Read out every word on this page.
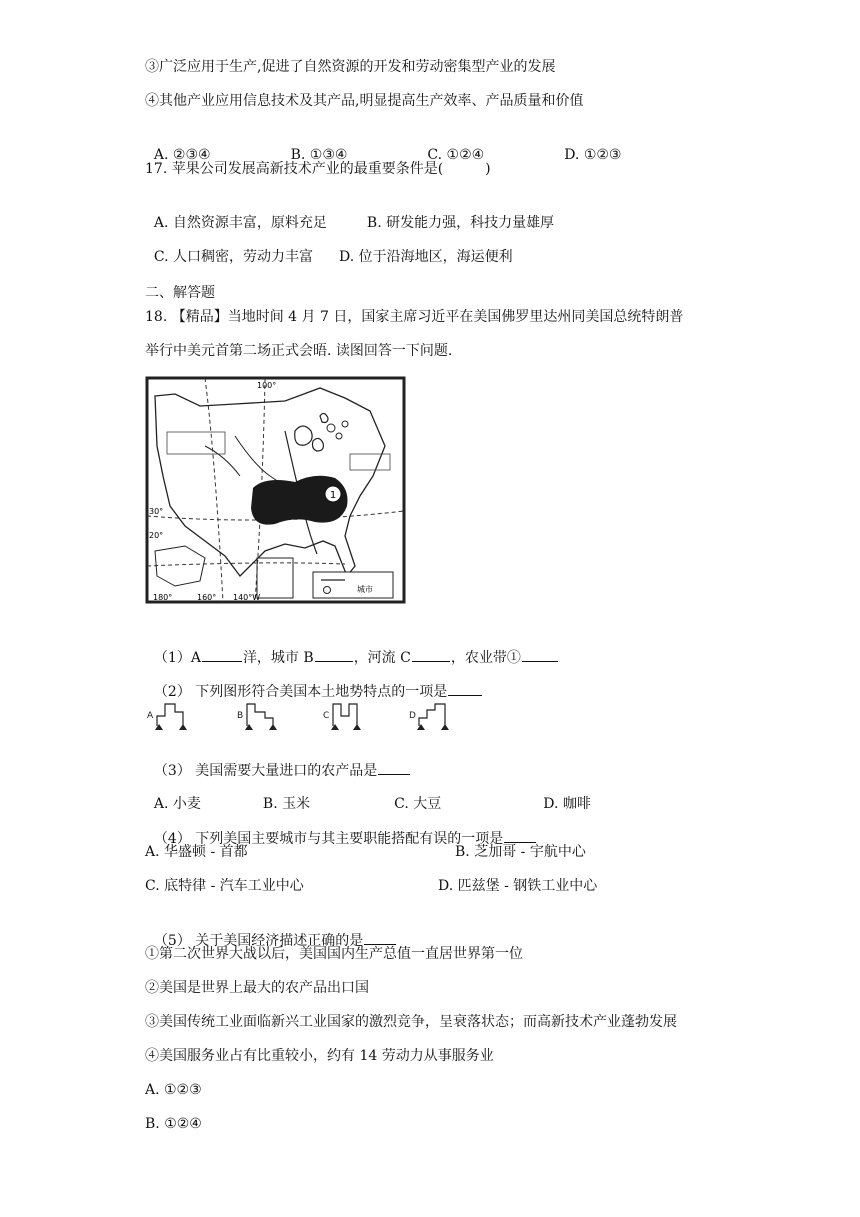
③广泛应用于生产,促进了自然资源的开发和劳动密集型产业的发展
④其他产业应用信息技术及其产品,明显提高生产效率、产品质量和价值

A. ②③④	B. ①③④	C. ①②④	D. ①②③

17. 苹果公司发展高新技术产业的最重要条件是(　　　)

A. 自然资源丰富，原料充足	B. 研发能力强，科技力量雄厚

C. 人口稠密，劳动力丰富 D. 位于沿海地区，海运便利

二、解答题
18. 【精品】当地时间 4 月 7 日，国家主席习近平在美国佛罗里达州同美国总统特朗普
举行中美元首第二场正式会晤. 读图回答一下问题.
1
城市
100°
30°
20°
180°	160° 140°W

（1）A	洋，城市 B	，河流 C	，农业带①

（2） 下列图形符合美国本土地势特点的一项是

A	B	C	D

（3） 美国需要大量进口的农产品是

A. 小麦	B. 玉米	C. 大豆	D. 咖啡

（4） 下列美国主要城市与其主要职能搭配有误的一项是

A. 华盛顿 - 首都	B. 芝加哥 - 宇航中心
C. 底特律 - 汽车工业中心	D. 匹兹堡 - 钢铁工业中心

（5） 关于美国经济描述正确的是

①第二次世界大战以后，美国国内生产总值一直居世界第一位
②美国是世界上最大的农产品出口国
③美国传统工业面临新兴工业国家的激烈竞争，呈衰落状态；而高新技术产业蓬勃发展
④美国服务业占有比重较小，约有 14 劳动力从事服务业
A. ①②③
B. ①②④
